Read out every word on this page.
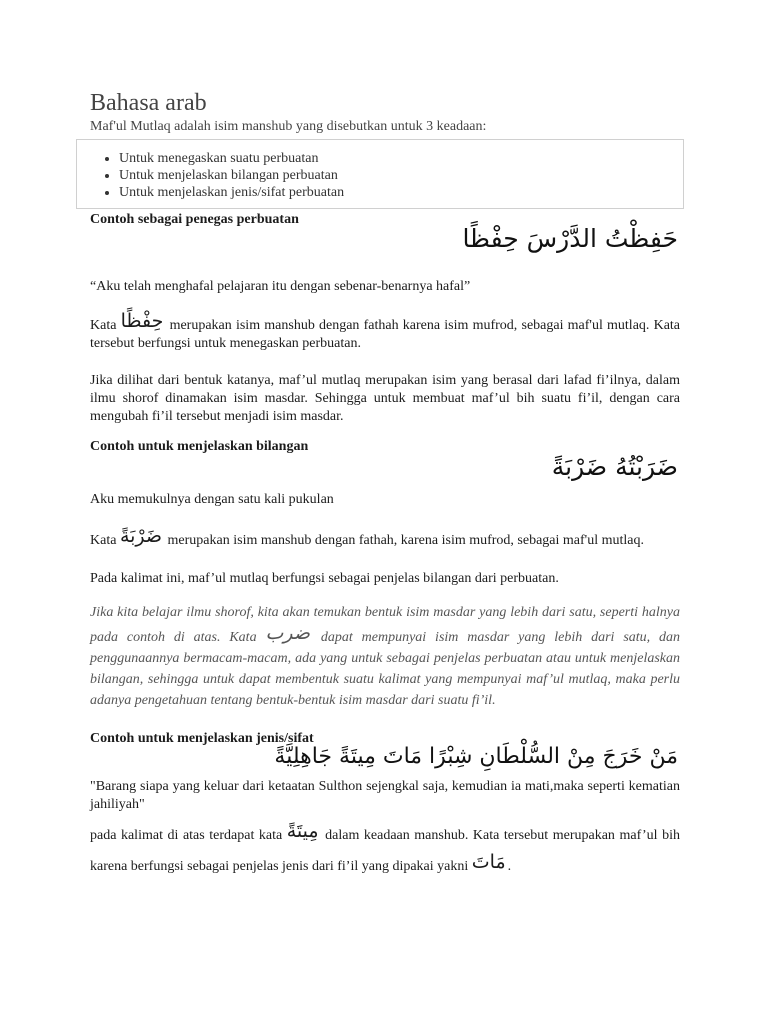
Bahasa arab
Maf'ul Mutlaq adalah isim manshub yang disebutkan untuk 3 keadaan:
• Untuk menegaskan suatu perbuatan
• Untuk menjelaskan bilangan perbuatan
• Untuk menjelaskan jenis/sifat perbuatan
Contoh sebagai penegas perbuatan
حَفِظْتُ الدَّرْسَ حِفْظًا
“Aku telah menghafal pelajaran itu dengan sebenar-benarnya hafal”
Kata حِفْظًا merupakan isim manshub dengan fathah karena isim mufrod, sebagai maf'ul mutlaq. Kata tersebut berfungsi untuk menegaskan perbuatan.
Jika dilihat dari bentuk katanya, maf’ul mutlaq merupakan isim yang berasal dari lafad fi’ilnya, dalam ilmu shorof dinamakan isim masdar. Sehingga untuk membuat maf’ul bih suatu fi’il, dengan cara mengubah fi’il tersebut menjadi isim masdar.
Contoh untuk menjelaskan bilangan
ضَرَبْتُهُ ضَرْبَةً
Aku memukulnya dengan satu kali pukulan
Kata ضَرْبَةً merupakan isim manshub dengan fathah, karena isim mufrod, sebagai maf'ul mutlaq.
Pada kalimat ini, maf’ul mutlaq berfungsi sebagai penjelas bilangan dari perbuatan.
Jika kita belajar ilmu shorof, kita akan temukan bentuk isim masdar yang lebih dari satu, seperti halnya pada contoh di atas. Kata ضرب dapat mempunyai isim masdar yang lebih dari satu, dan penggunaannya bermacam-macam, ada yang untuk sebagai penjelas perbuatan atau untuk menjelaskan bilangan, sehingga untuk dapat membentuk suatu kalimat yang mempunyai maf’ul mutlaq, maka perlu adanya pengetahuan tentang bentuk-bentuk isim masdar dari suatu fi’il.
Contoh untuk menjelaskan jenis/sifat
مَنْ خَرَجَ مِنْ السُّلْطَانِ شِبْرًا مَاتَ مِيتَةً جَاهِلِيَّةً
"Barang siapa yang keluar dari ketaatan Sulthon sejengkal saja, kemudian ia mati,maka seperti kematian jahiliyah"
pada kalimat di atas terdapat kata مِيتَةً dalam keadaan manshub. Kata tersebut merupakan maf’ul bih karena berfungsi sebagai penjelas jenis dari fi’il yang dipakai yakni مَاتَ .
